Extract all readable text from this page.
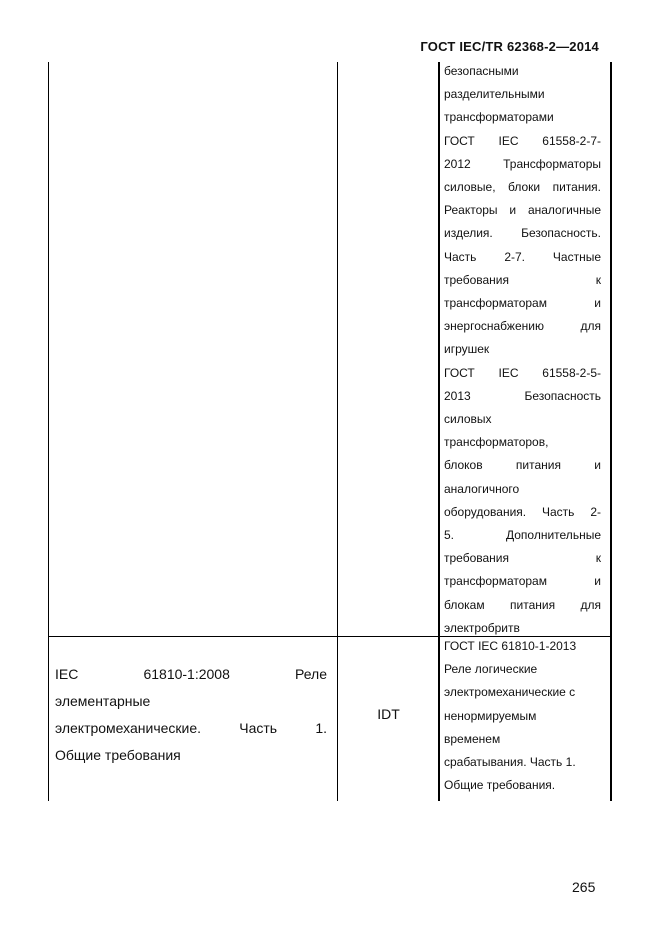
ГОСТ IEC/TR 62368-2—2014
безопасными
разделительными
трансформаторами
ГОСТ IEC 61558-2-7-
2012 Трансформаторы
силовые, блоки питания.
Реакторы и аналогичные
изделия. Безопасность.
Часть 2-7. Частные
требования к
трансформаторам и
энергоснабжению для
игрушек
ГОСТ IEC 61558-2-5-
2013 Безопасность
силовых
трансформаторов,
блоков питания и
аналогичного
оборудования. Часть 2-
5. Дополнительные
требования к
трансформаторам и
блокам питания для
электробритв
IEC 61810-1:2008 Реле
элементарные
электромеханические. Часть 1.
Общие требования
IDT
ГОСТ IEC 61810-1-2013
Реле логические
электромеханические с
ненормируемым
временем
срабатывания. Часть 1.
Общие требования.
265
